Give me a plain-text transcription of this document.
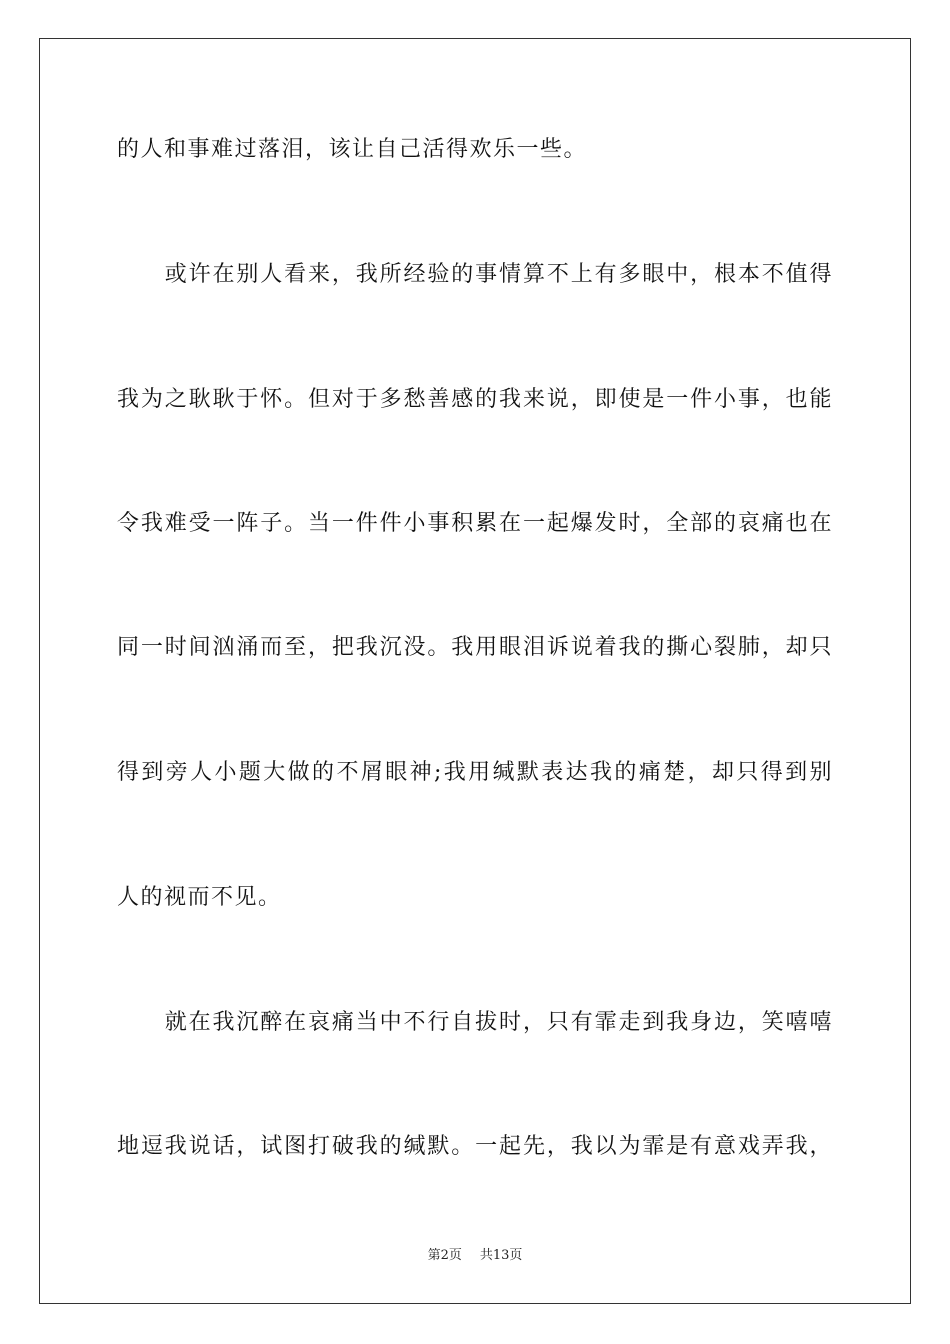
的人和事难过落泪，该让自己活得欢乐一些。
　　或许在别人看来，我所经验的事情算不上有多眼中，根本不值得
我为之耿耿于怀。但对于多愁善感的我来说，即使是一件小事，也能
令我难受一阵子。当一件件小事积累在一起爆发时，全部的哀痛也在
同一时间汹涌而至，把我沉没。我用眼泪诉说着我的撕心裂肺，却只
得到旁人小题大做的不屑眼神;我用缄默表达我的痛楚，却只得到别
人的视而不见。
　　就在我沉醉在哀痛当中不行自拔时，只有霏走到我身边，笑嘻嘻
地逗我说话，试图打破我的缄默。一起先，我以为霏是有意戏弄我，
第2页 共13页
